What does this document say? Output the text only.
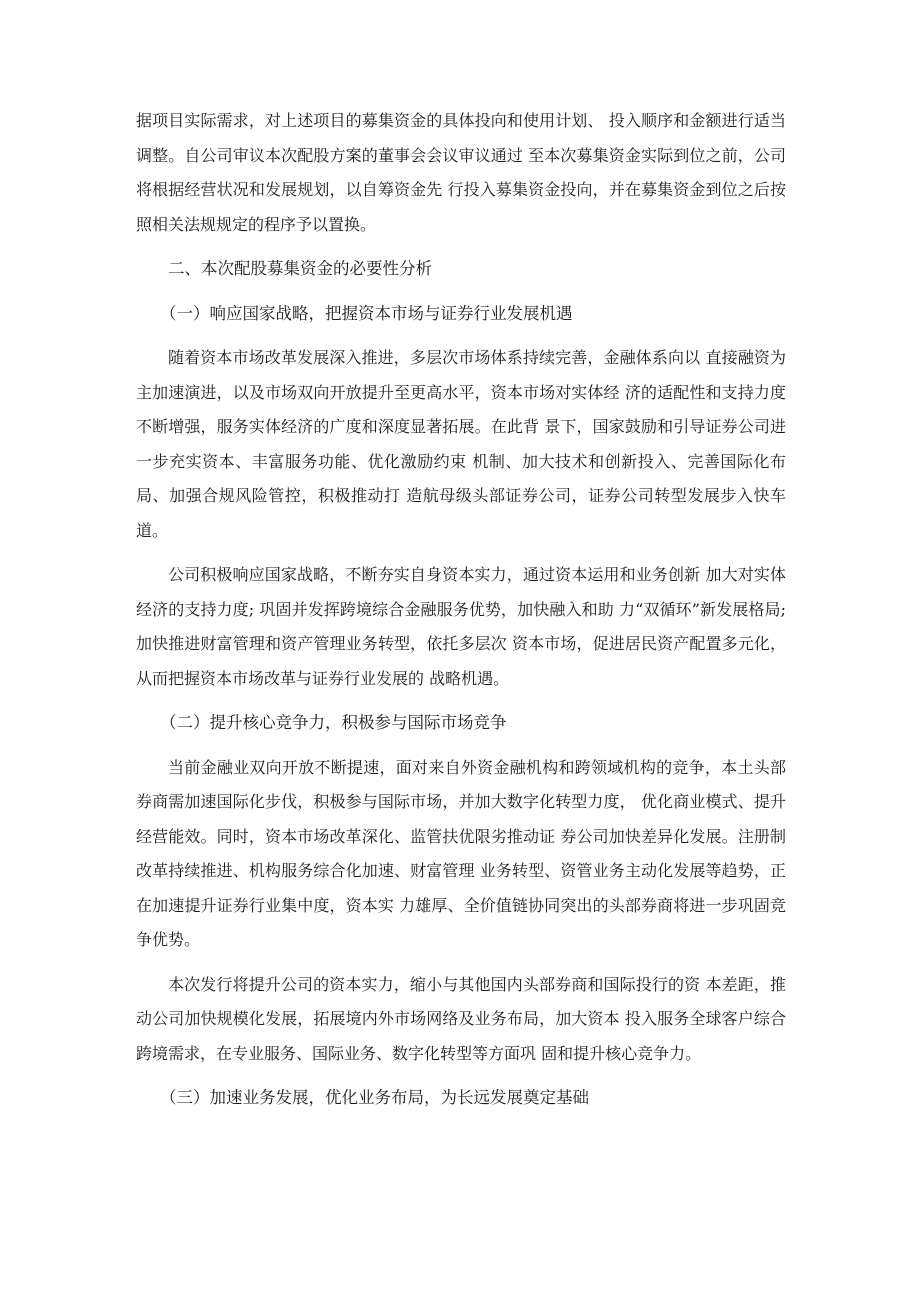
据项目实际需求，对上述项目的募集资金的具体投向和使用计划、 投入顺序和金额进行适当调整。自公司审议本次配股方案的董事会会议审议通过 至本次募集资金实际到位之前，公司将根据经营状况和发展规划，以自筹资金先 行投入募集资金投向，并在募集资金到位之后按照相关法规规定的程序予以置换。

二、本次配股募集资金的必要性分析

（一）响应国家战略，把握资本市场与证券行业发展机遇

随着资本市场改革发展深入推进，多层次市场体系持续完善，金融体系向以 直接融资为主加速演进，以及市场双向开放提升至更高水平，资本市场对实体经 济的适配性和支持力度不断增强，服务实体经济的广度和深度显著拓展。在此背 景下，国家鼓励和引导证券公司进一步充实资本、丰富服务功能、优化激励约束 机制、加大技术和创新投入、完善国际化布局、加强合规风险管控，积极推动打 造航母级头部证券公司，证券公司转型发展步入快车道。

公司积极响应国家战略，不断夯实自身资本实力，通过资本运用和业务创新 加大对实体经济的支持力度; 巩固并发挥跨境综合金融服务优势，加快融入和助 力“双循环”新发展格局; 加快推进财富管理和资产管理业务转型，依托多层次 资本市场，促进居民资产配置多元化，从而把握资本市场改革与证券行业发展的 战略机遇。

（二）提升核心竞争力，积极参与国际市场竞争

当前金融业双向开放不断提速，面对来自外资金融机构和跨领域机构的竞争，本土头部券商需加速国际化步伐，积极参与国际市场，并加大数字化转型力度， 优化商业模式、提升经营能效。同时，资本市场改革深化、监管扶优限劣推动证 券公司加快差异化发展。注册制改革持续推进、机构服务综合化加速、财富管理 业务转型、资管业务主动化发展等趋势，正在加速提升证券行业集中度，资本实 力雄厚、全价值链协同突出的头部券商将进一步巩固竞争优势。

本次发行将提升公司的资本实力，缩小与其他国内头部券商和国际投行的资 本差距，推动公司加快规模化发展，拓展境内外市场网络及业务布局，加大资本 投入服务全球客户综合跨境需求，在专业服务、国际业务、数字化转型等方面巩 固和提升核心竞争力。

（三）加速业务发展，优化业务布局，为长远发展奠定基础
